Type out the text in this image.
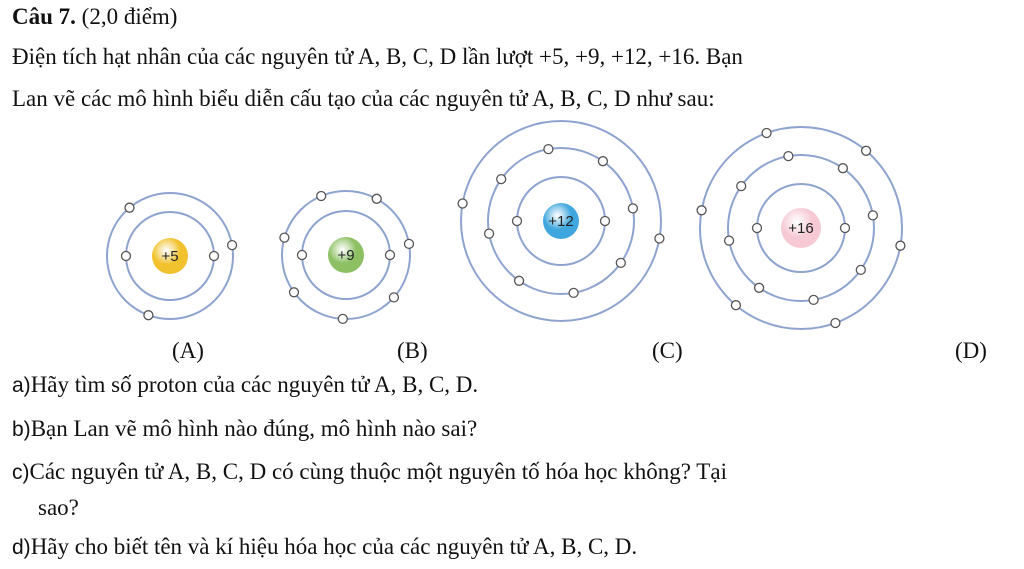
Câu 7. (2,0 điểm)
Điện tích hạt nhân của các nguyên tử A, B, C, D lần lượt +5, +9, +12, +16. Bạn
Lan vẽ các mô hình biểu diễn cấu tạo của các nguyên tử A, B, C, D như sau:
+5	+9
+12	+16
(A)	(B)	(C)	(D)
a)Hãy tìm số proton của các nguyên tử A, B, C, D.
b)Bạn Lan vẽ mô hình nào đúng, mô hình nào sai?
c)Các nguyên tử A, B, C, D có cùng thuộc một nguyên tố hóa học không? Tại
sao?
d)Hãy cho biết tên và kí hiệu hóa học của các nguyên tử A, B, C, D.
